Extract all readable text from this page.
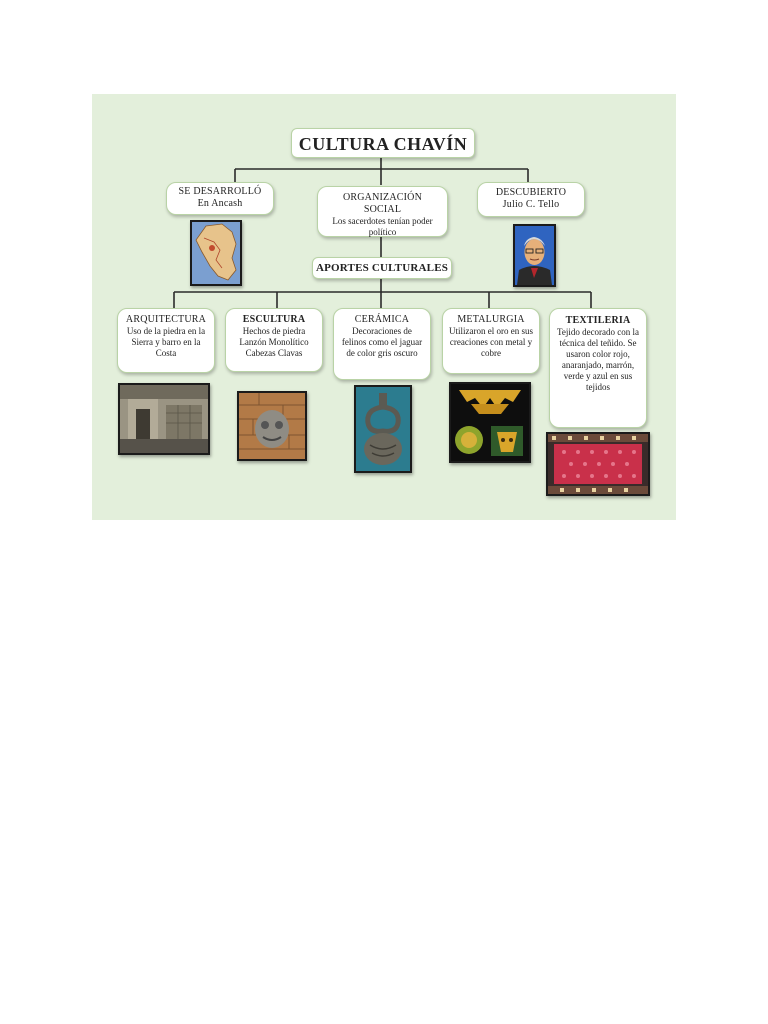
CULTURA CHAVÍN
SE DESARROLLÓ
En Ancash
ORGANIZACIÓN SOCIAL
Los sacerdotes tenían poder político
DESCUBIERTO
Julio C. Tello
APORTES CULTURALES
ARQUITECTURA
Uso de la piedra en la Sierra y barro en la Costa
ESCULTURA
Hechos de piedra Lanzón Monolítico Cabezas Clavas
CERÁMICA
Decoraciones de felinos como el jaguar de color gris oscuro
METALURGIA
Utilizaron el oro en sus creaciones con metal y cobre
TEXTILERIA
Tejido decorado con la técnica del teñido. Se usaron color rojo, anaranjado, marrón, verde y azul en sus tejidos
